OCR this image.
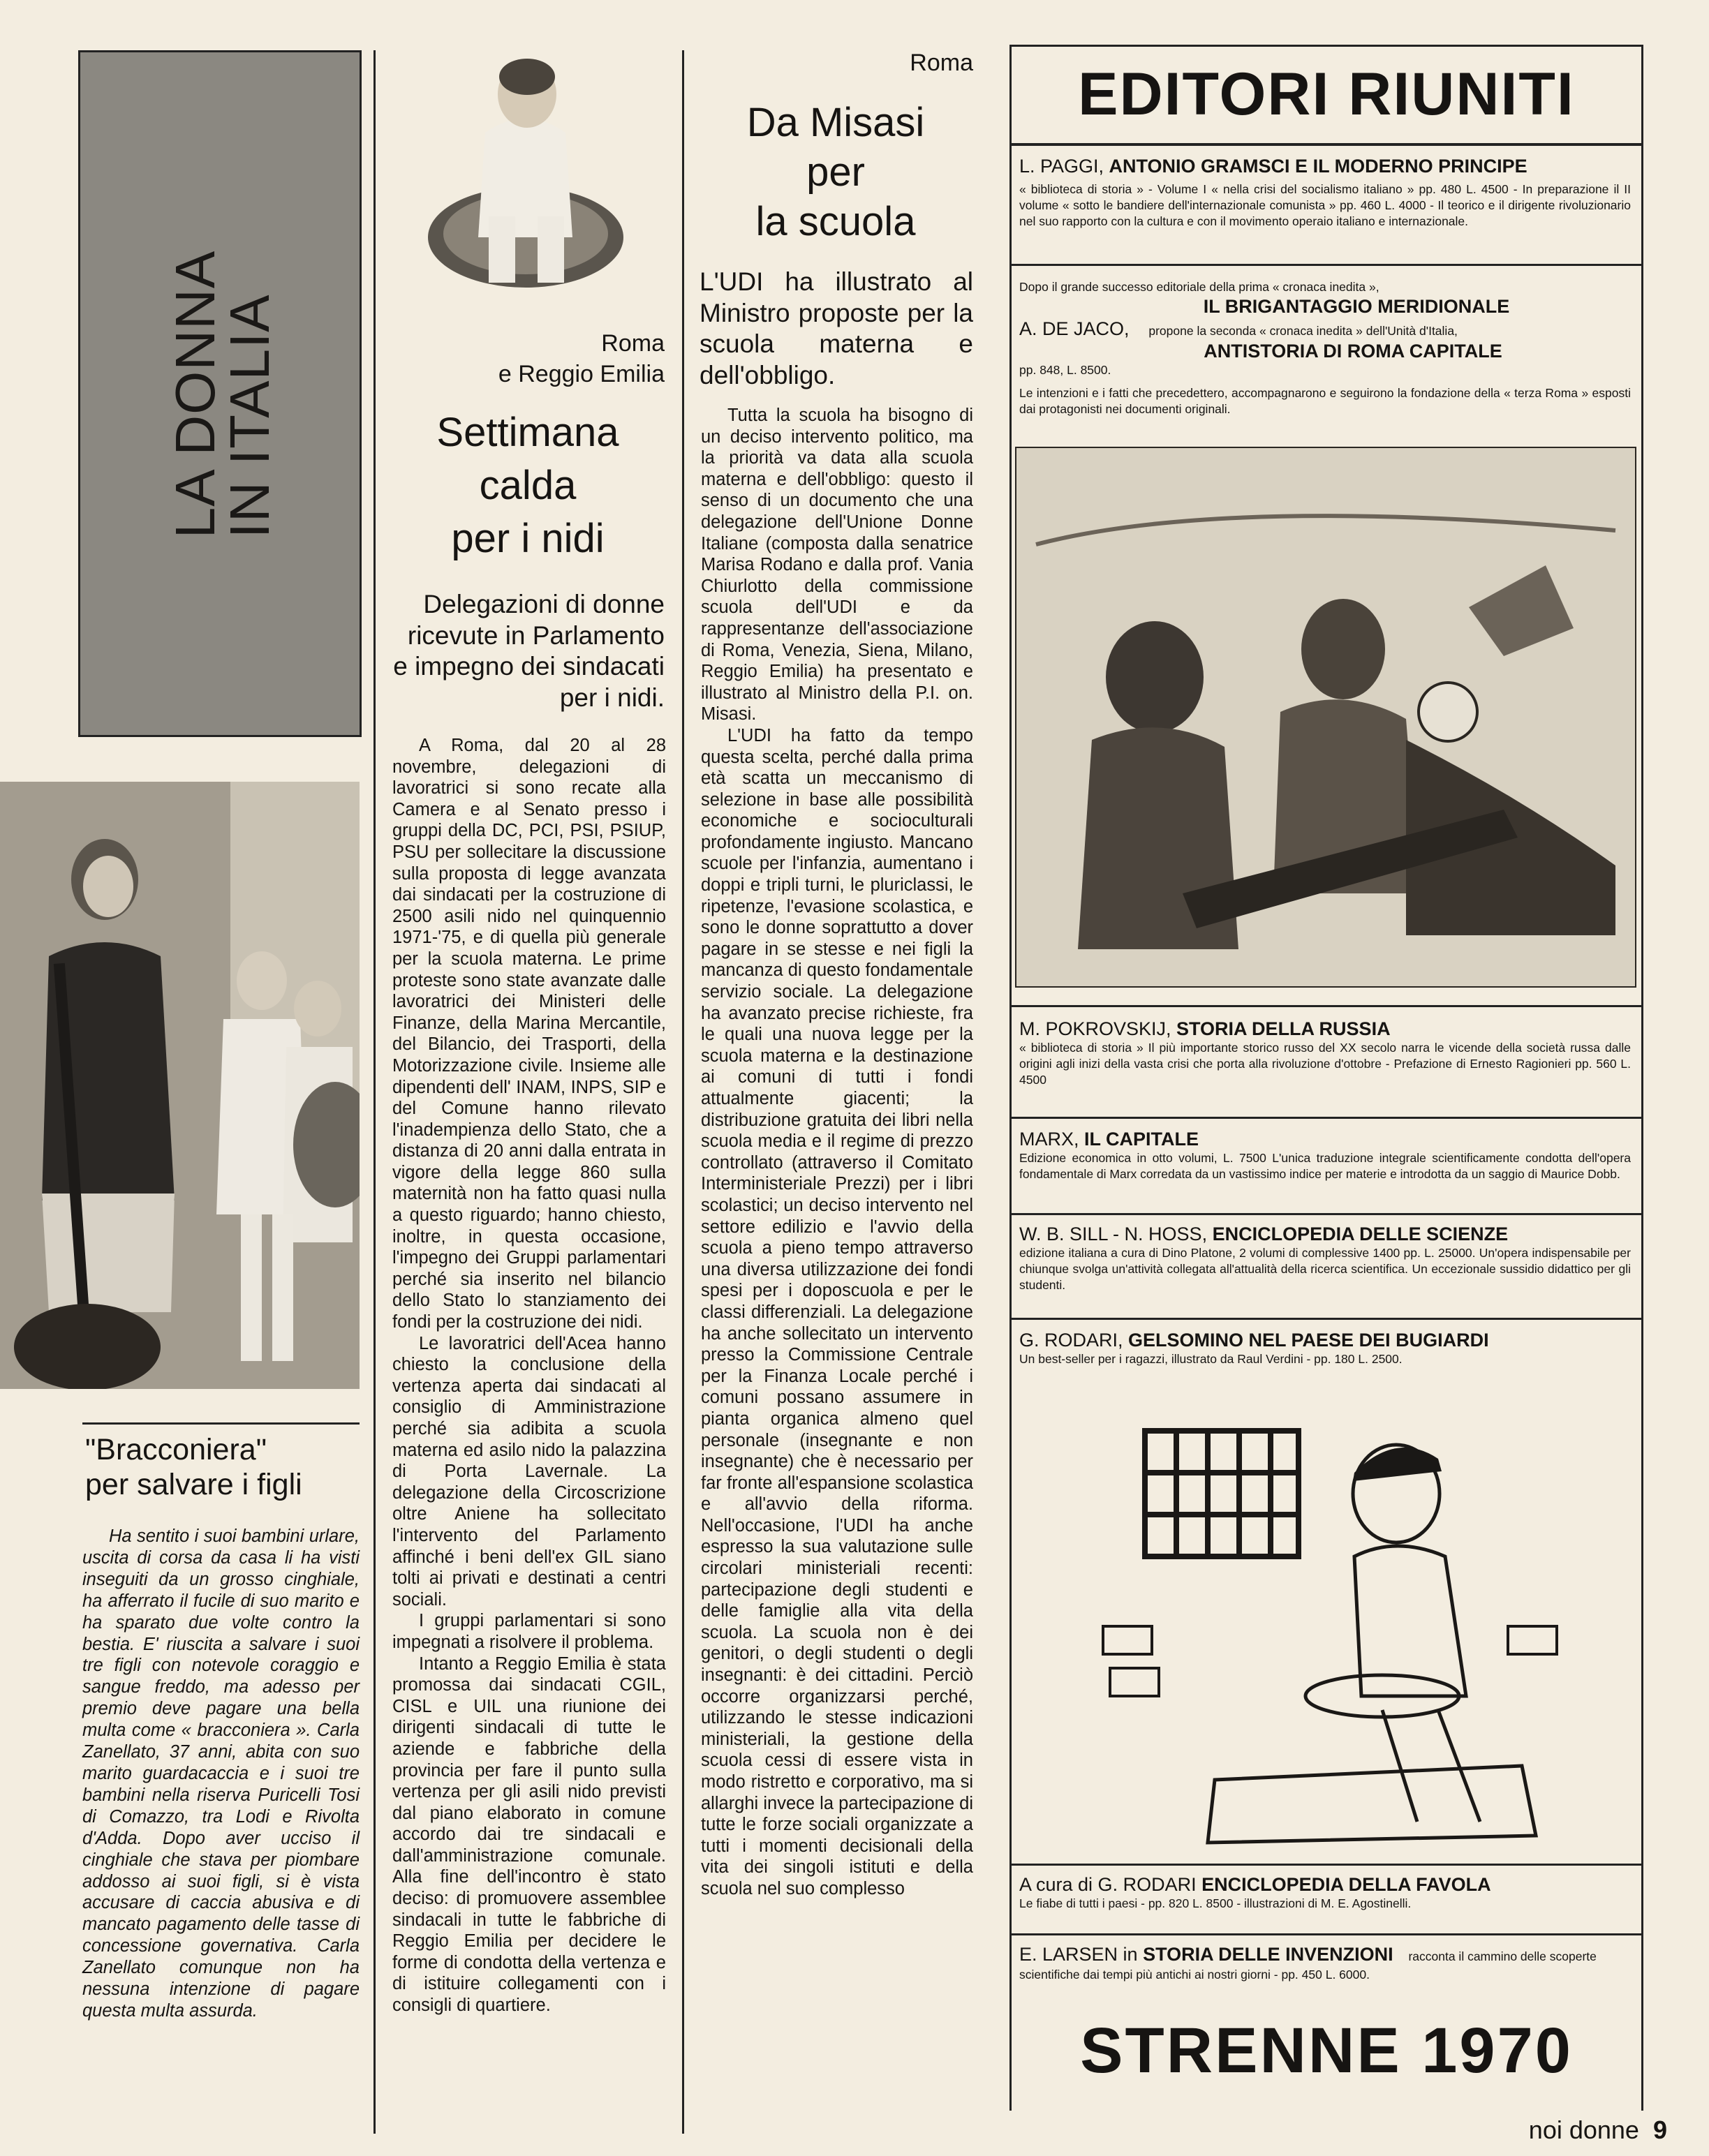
LA DONNA
IN ITALIA
"Bracconiera"
per salvare i figli

Ha sentito i suoi bambini urlare, uscita di corsa da casa li ha visti inseguiti da un grosso cinghiale, ha afferrato il fucile di suo marito e ha sparato due volte contro la bestia. E' riuscita a salvare i suoi tre figli con notevole coraggio e sangue freddo, ma adesso per premio deve pagare una bella multa come « bracconiera ». Carla Zanellato, 37 anni, abita con suo marito guardacaccia e i suoi tre bambini nella riserva Puricelli Tosi di Comazzo, tra Lodi e Rivolta d'Adda. Dopo aver ucciso il cinghiale che stava per piombare addosso ai suoi figli, si è vista accusare di caccia abusiva e di mancato pagamento delle tasse di concessione governativa. Carla Zanellato comunque non ha nessuna intenzione di pagare questa multa assurda.

Roma
e Reggio Emilia
Settimana
calda
per i nidi

Delegazioni di donne ricevute in Parlamento e impegno dei sindacati per i nidi.

A Roma, dal 20 al 28 novembre, delegazioni di lavoratrici si sono recate alla Camera e al Senato presso i gruppi della DC, PCI, PSI, PSIUP, PSU per sollecitare la discussione sulla proposta di legge avanzata dai sindacati per la costruzione di 2500 asili nido nel quinquennio 1971-'75, e di quella più generale per la scuola materna. Le prime proteste sono state avanzate dalle lavoratrici dei Ministeri delle Finanze, della Marina Mercantile, del Bilancio, dei Trasporti, della Motorizzazione civile. Insieme alle dipendenti dell' INAM, INPS, SIP e del Comune hanno rilevato l'inadempienza dello Stato, che a distanza di 20 anni dalla entrata in vigore della legge 860 sulla maternità non ha fatto quasi nulla a questo riguardo; hanno chiesto, inoltre, in questa occasione, l'impegno dei Gruppi parlamentari perché sia inserito nel bilancio dello Stato lo stanziamento dei fondi per la costruzione dei nidi.

Le lavoratrici dell'Acea hanno chiesto la conclusione della vertenza aperta dai sindacati al consiglio di Amministrazione perché sia adibita a scuola materna ed asilo nido la palazzina di Porta Lavernale. La delegazione della Circoscrizione oltre Aniene ha sollecitato l'intervento del Parlamento affinché i beni dell'ex GIL siano tolti ai privati e destinati a centri sociali.

I gruppi parlamentari si sono impegnati a risolvere il problema.

Intanto a Reggio Emilia è stata promossa dai sindacati CGIL, CISL e UIL una riunione dei dirigenti sindacali di tutte le aziende e fabbriche della provincia per fare il punto sulla vertenza per gli asili nido previsti dal piano elaborato in comune accordo dai tre sindacali e dall'amministrazione comunale. Alla fine dell'incontro è stato deciso: di promuovere assemblee sindacali in tutte le fabbriche di Reggio Emilia per decidere le forme di condotta della vertenza e di istituire collegamenti con i consigli di quartiere.

Roma
Da Misasi
per
la scuola

L'UDI ha illustrato al Ministro proposte per la scuola materna e dell'obbligo.

Tutta la scuola ha bisogno di un deciso intervento politico, ma la priorità va data alla scuola materna e dell'obbligo: questo il senso di un documento che una delegazione dell'Unione Donne Italiane (composta dalla senatrice Marisa Rodano e dalla prof. Vania Chiurlotto della commissione scuola dell'UDI e da rappresentanze dell'associazione di Roma, Venezia, Siena, Milano, Reggio Emilia) ha presentato e illustrato al Ministro della P.I. on. Misasi.

L'UDI ha fatto da tempo questa scelta, perché dalla prima età scatta un meccanismo di selezione in base alle possibilità economiche e socioculturali profondamente ingiusto. Mancano scuole per l'infanzia, aumentano i doppi e tripli turni, le pluriclassi, le ripetenze, l'evasione scolastica, e sono le donne soprattutto a dover pagare in se stesse e nei figli la mancanza di questo fondamentale servizio sociale. La delegazione ha avanzato precise richieste, fra le quali una nuova legge per la scuola materna e la destinazione ai comuni di tutti i fondi attualmente giacenti; la distribuzione gratuita dei libri nella scuola media e il regime di prezzo controllato (attraverso il Comitato Interministeriale Prezzi) per i libri scolastici; un deciso intervento nel settore edilizio e l'avvio della scuola a pieno tempo attraverso una diversa utilizzazione dei fondi spesi per i doposcuola e per le classi differenziali. La delegazione ha anche sollecitato un intervento presso la Commissione Centrale per la Finanza Locale perché i comuni possano assumere in pianta organica almeno quel personale (insegnante e non insegnante) che è necessario per far fronte all'espansione scolastica e all'avvio della riforma. Nell'occasione, l'UDI ha anche espresso la sua valutazione sulle circolari ministeriali recenti: partecipazione degli studenti e delle famiglie alla vita della scuola. La scuola non è dei genitori, o degli studenti o degli insegnanti: è dei cittadini. Perciò occorre organizzarsi perché, utilizzando le stesse indicazioni ministeriali, la gestione della scuola cessi di essere vista in modo ristretto e corporativo, ma si allarghi invece la partecipazione di tutte le forze sociali organizzate a tutti i momenti decisionali della vita dei singoli istituti e della scuola nel suo complesso

EDITORI RIUNITI
L. PAGGI, ANTONIO GRAMSCI E IL MODERNO PRINCIPE
« biblioteca di storia » - Volume I « nella crisi del socialismo italiano » pp. 480 L. 4500 - In preparazione il II volume « sotto le bandiere dell'internazionale comunista » pp. 460 L. 4000 - Il teorico e il dirigente rivoluzionario nel suo rapporto con la cultura e con il movimento operaio italiano e internazionale.
Dopo il grande successo editoriale della prima « cronaca inedita »,
IL BRIGANTAGGIO MERIDIONALE
A. DE JACO, propone la seconda « cronaca inedita » dell'Unità d'Italia,
ANTISTORIA DI ROMA CAPITALE
pp. 848, L. 8500.
Le intenzioni e i fatti che precedettero, accompagnarono e seguirono la fondazione della « terza Roma » esposti dai protagonisti nei documenti originali.
M. POKROVSKIJ, STORIA DELLA RUSSIA
« biblioteca di storia » Il più importante storico russo del XX secolo narra le vicende della società russa dalle origini agli inizi della vasta crisi che porta alla rivoluzione d'ottobre - Prefazione di Ernesto Ragionieri pp. 560 L. 4500
MARX, IL CAPITALE
Edizione economica in otto volumi, L. 7500 L'unica traduzione integrale scientificamente condotta dell'opera fondamentale di Marx corredata da un vastissimo indice per materie e introdotta da un saggio di Maurice Dobb.
W. B. SILL - N. HOSS, ENCICLOPEDIA DELLE SCIENZE
edizione italiana a cura di Dino Platone, 2 volumi di complessive 1400 pp. L. 25000. Un'opera indispensabile per chiunque svolga un'attività collegata all'attualità della ricerca scientifica. Un eccezionale sussidio didattico per gli studenti.
G. RODARI, GELSOMINO NEL PAESE DEI BUGIARDI
Un best-seller per i ragazzi, illustrato da Raul Verdini - pp. 180 L. 2500.
A cura di G. RODARI ENCICLOPEDIA DELLA FAVOLA
Le fiabe di tutti i paesi - pp. 820 L. 8500 - illustrazioni di M. E. Agostinelli.
E. LARSEN in STORIA DELLE INVENZIONI racconta il cammino delle scoperte scientifiche dai tempi più antichi ai nostri giorni - pp. 450 L. 6000.
STRENNE 1970
noi donne 9
